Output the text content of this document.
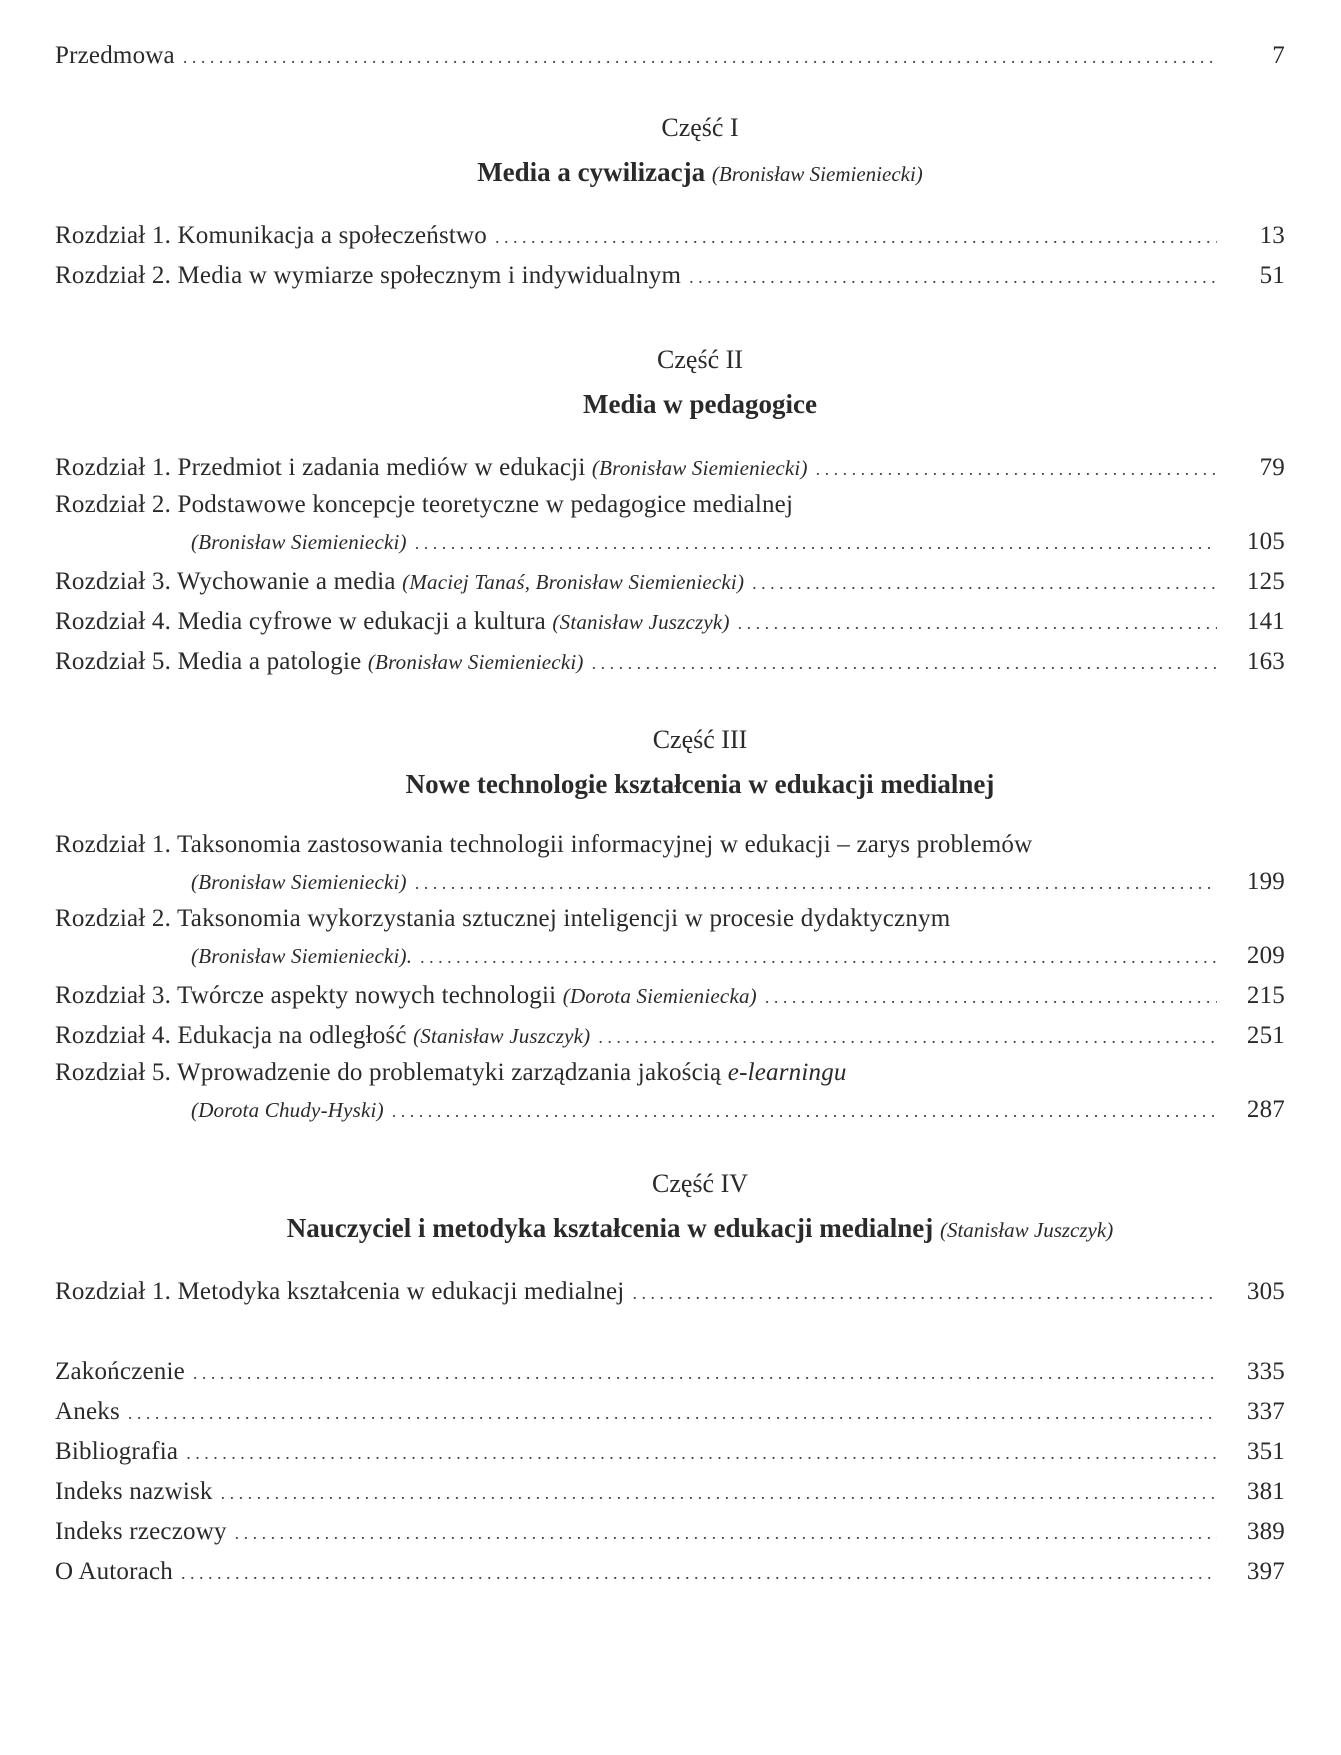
Przedmowa . . .	7
Część I
Media a cywilizacja (Bronisław Siemieniecki)
Rozdział 1. Komunikacja a społeczeństwo . . .	13
Rozdział 2. Media w wymiarze społecznym i indywidualnym . . .	51
Część II
Media w pedagogice
Rozdział 1. Przedmiot i zadania mediów w edukacji
(Bronisław Siemieniecki) . . .	79
Rozdział 2. Podstawowe koncepcje teoretyczne w pedagogice medialnej
(Bronisław Siemieniecki) . . .	105
Rozdział 3. Wychowanie a media
(Maciej Tanaś, Bronisław Siemieniecki) . . .	125
Rozdział 4. Media cyfrowe w edukacji a kultura
(Stanisław Juszczyk) . . .	141
Rozdział 5. Media a patologie
(Bronisław Siemieniecki) . . .	163
Część III
Nowe technologie kształcenia w edukacji medialnej
Rozdział 1. Taksonomia zastosowania technologii informacyjnej w edukacji – zarys problemów
(Bronisław Siemieniecki) . . .	199
Rozdział 2. Taksonomia wykorzystania sztucznej inteligencji w procesie dydaktycznym
(Bronisław Siemieniecki). . . .	209
Rozdział 3. Twórcze aspekty nowych technologii
(Dorota Siemieniecka) . . .	215
Rozdział 4. Edukacja na odległość
(Stanisław Juszczyk) . . .	251
Rozdział 5. Wprowadzenie do problematyki zarządzania jakością
e-learningu
(Dorota Chudy-Hyski) . . .	287
Część IV
Nauczyciel i metodyka kształcenia w edukacji medialnej (Stanisław Juszczyk)
Rozdział 1. Metodyka kształcenia w edukacji medialnej . . .	305
Zakończenie . . .	335
Aneks . . .	337
Bibliografia . . .	351
Indeks nazwisk . . .	381
Indeks rzeczowy . . .	389
O Autorach . . .	397
